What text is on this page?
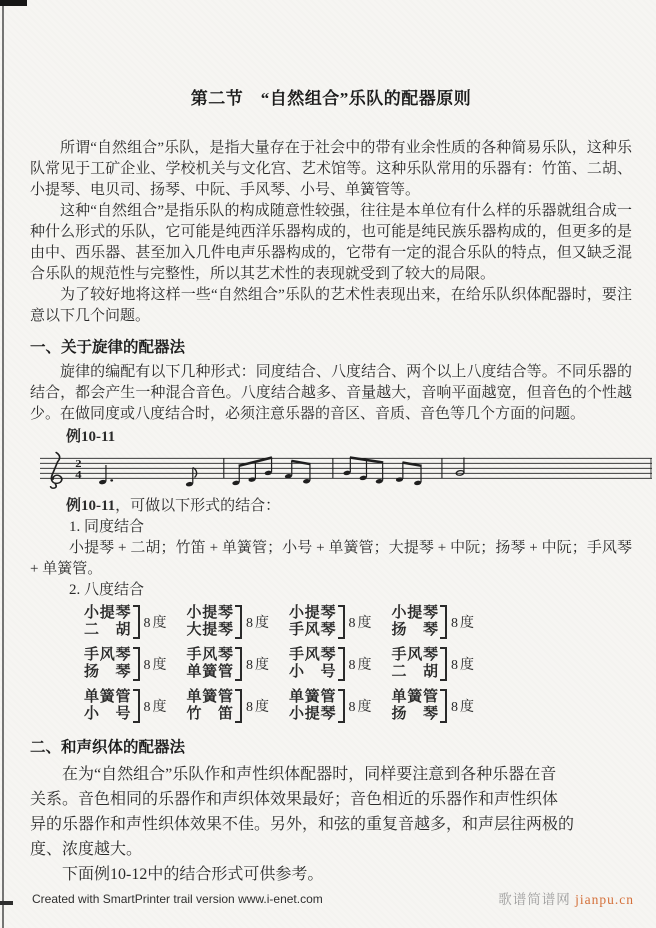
第二节　“自然组合”乐队的配器原则

所谓“自然组合”乐队，是指大量存在于社会中的带有业余性质的各种简易乐队，这种乐队常见于工矿企业、学校机关与文化宫、艺术馆等。这种乐队常用的乐器有：竹笛、二胡、小提琴、电贝司、扬琴、中阮、手风琴、小号、单簧管等。

这种“自然组合”是指乐队的构成随意性较强，往往是本单位有什么样的乐器就组合成一种什么形式的乐队，它可能是纯西洋乐器构成的，也可能是纯民族乐器构成的，但更多的是由中、西乐器、甚至加入几件电声乐器构成的，它带有一定的混合乐队的特点，但又缺乏混合乐队的规范性与完整性，所以其艺术性的表现就受到了较大的局限。

为了较好地将这样一些“自然组合”乐队的艺术性表现出来，在给乐队织体配器时，要注意以下几个问题。

一、关于旋律的配器法

旋律的编配有以下几种形式：同度结合、八度结合、两个以上八度结合等。不同乐器的结合，都会产生一种混合音色。八度结合越多、音量越大，音响平面越宽，但音色的个性越少。在做同度或八度结合时，必须注意乐器的音区、音质、音色等几个方面的问题。

例10-11

2
4

例10-11，可做以下形式的结合：

1. 同度结合

小提琴 + 二胡；竹笛 + 单簧管；小号 + 单簧管；大提琴 + 中阮；扬琴 + 中阮；手风琴 + 单簧管。

2. 八度结合

小提琴
二胡 8度
小提琴
大提琴 8度
小提琴
手风琴 8度
小提琴
扬琴 8度
手风琴
扬琴 8度
手风琴
单簧管 8度
手风琴
小号 8度
手风琴
二胡 8度
单簧管
小号 8度
单簧管
竹笛 8度
单簧管
小提琴 8度
单簧管
扬琴 8度
二、和声织体的配器法
在为“自然组合”乐队作和声性织体配器时，同样要注意到各种乐器在音
关系。音色相同的乐器作和声织体效果最好；音色相近的乐器作和声性织体
异的乐器作和声性织体效果不佳。另外，和弦的重复音越多，和声层往两极的
度、浓度越大。

下面例10-12中的结合形式可供参考。

Created with SmartPrinter trail version www.i-enet.com	歌谱简谱网 jianpu.cn
